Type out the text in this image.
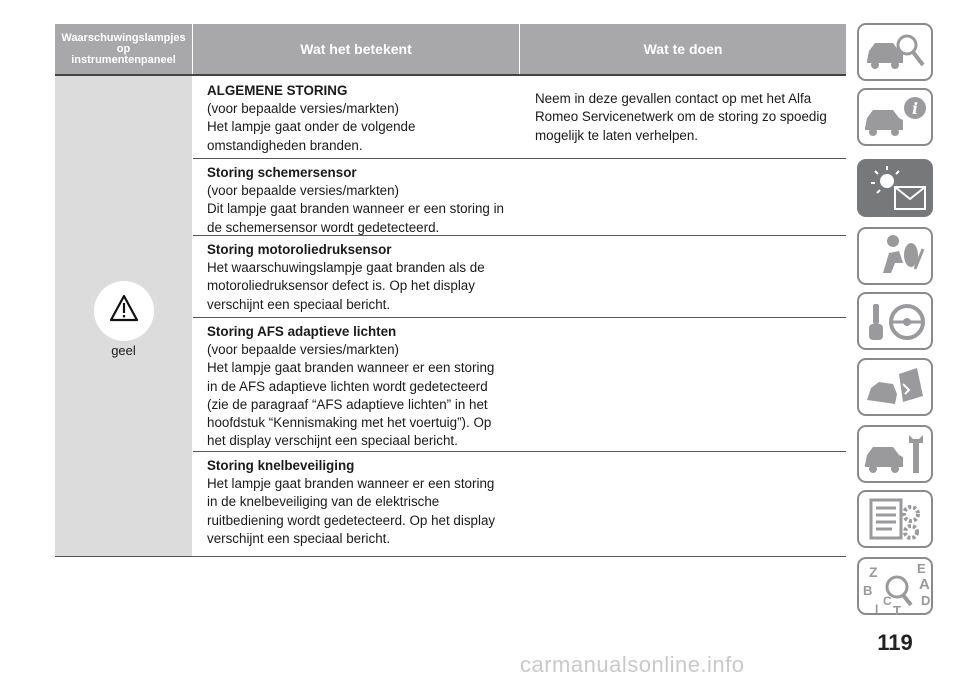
Waarschuwingslampjes
op
instrumentenpaneel
Wat het betekent	Wat te doen
geel
ALGEMENE STORING
(voor bepaalde versies/markten)
Het lampje gaat onder de volgende
omstandigheden branden.
Neem in deze gevallen contact op met het Alfa
Romeo Servicenetwerk om de storing zo spoedig
mogelijk te laten verhelpen.
Storing schemersensor
(voor bepaalde versies/markten)
Dit lampje gaat branden wanneer er een storing in
de schemersensor wordt gedetecteerd.
Storing motoroliedruksensor
Het waarschuwingslampje gaat branden als de
motoroliedruksensor defect is. Op het display
verschijnt een speciaal bericht.
Storing AFS adaptieve lichten
(voor bepaalde versies/markten)
Het lampje gaat branden wanneer er een storing
in de AFS adaptieve lichten wordt gedetecteerd
(zie de paragraaf “AFS adaptieve lichten” in het
hoofdstuk “Kennismaking met het voertuig”). Op
het display verschijnt een speciaal bericht.
Storing knelbeveiliging
Het lampje gaat branden wanneer er een storing
in de knelbeveiliging van de elektrische
ruitbediening wordt gedetecteerd. Op het display
verschijnt een speciaal bericht.
i
Z	E
A
B
C D
T
I
119
carmanualsonline.info
